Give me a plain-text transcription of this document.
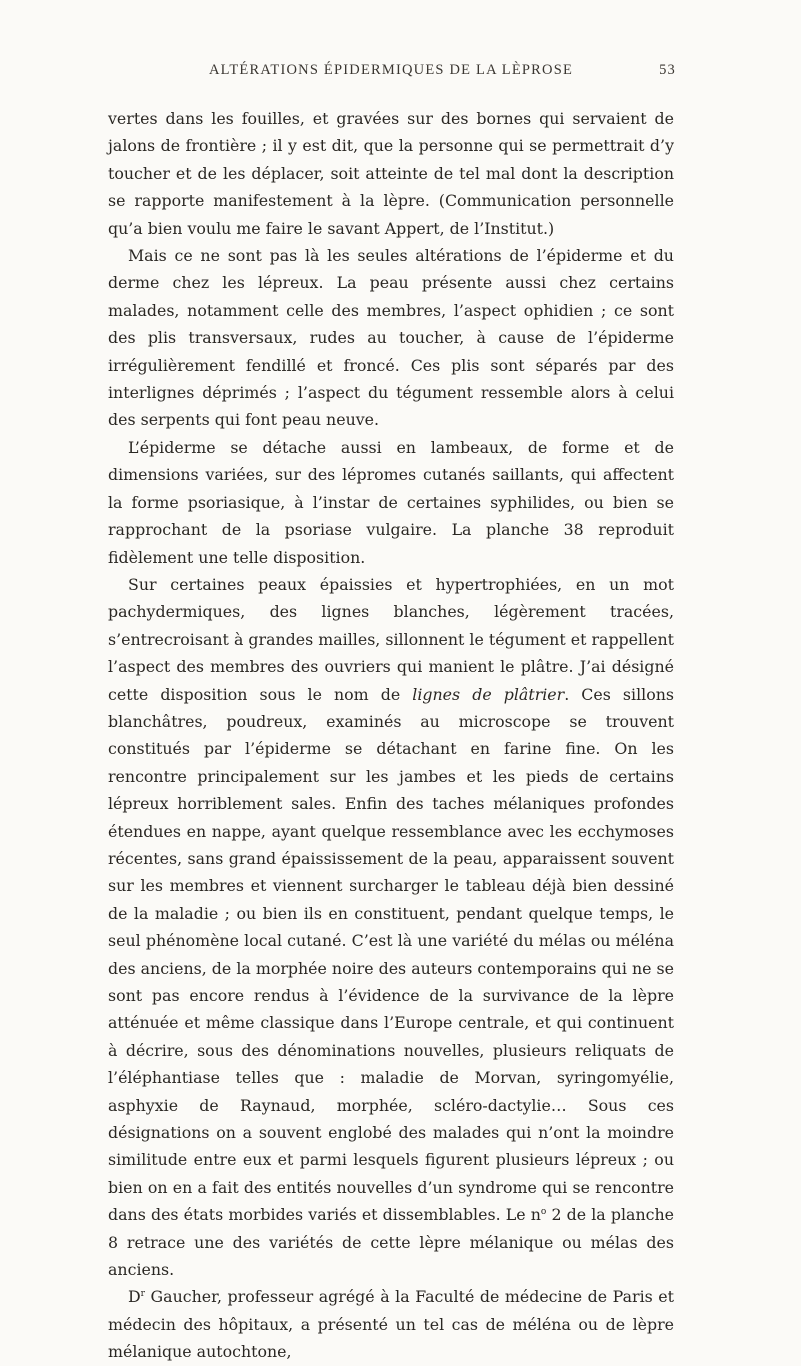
ALTÉRATIONS ÉPIDERMIQUES DE LA LÈPROSE	53

vertes dans les fouilles, et gravées sur des bornes qui servaient de jalons de frontière ; il y est dit, que la personne qui se permettrait d’y toucher et de les déplacer, soit atteinte de tel mal dont la description se rapporte manifestement à la lèpre. (Communication personnelle qu’a bien voulu me faire le savant Appert, de l’Institut.)

Mais ce ne sont pas là les seules altérations de l’épiderme et du derme chez les lépreux. La peau présente aussi chez certains malades, notamment celle des membres, l’aspect ophidien ; ce sont des plis transversaux, rudes au toucher, à cause de l’épiderme irrégulièrement fendillé et froncé. Ces plis sont séparés par des interlignes déprimés ; l’aspect du tégument ressemble alors à celui des serpents qui font peau neuve.

L’épiderme se détache aussi en lambeaux, de forme et de dimensions variées, sur des lépromes cutanés saillants, qui affectent la forme psoriasique, à l’instar de certaines syphilides, ou bien se rapprochant de la psoriase vulgaire. La planche 38 reproduit fidèlement une telle disposition.

Sur certaines peaux épaissies et hypertrophiées, en un mot pachydermiques, des lignes blanches, légèrement tracées, s’entrecroisant à grandes mailles, sillonnent le tégument et rappellent l’aspect des membres des ouvriers qui manient le plâtre. J’ai désigné cette disposition sous le nom de lignes de plâtrier. Ces sillons blanchâtres, poudreux, examinés au microscope se trouvent constitués par l’épiderme se détachant en farine fine. On les rencontre principalement sur les jambes et les pieds de certains lépreux horriblement sales. Enfin des taches mélaniques profondes étendues en nappe, ayant quelque ressemblance avec les ecchymoses récentes, sans grand épaississement de la peau, apparaissent souvent sur les membres et viennent surcharger le tableau déjà bien dessiné de la maladie ; ou bien ils en constituent, pendant quelque temps, le seul phénomène local cutané. C’est là une variété du mélas ou méléna des anciens, de la morphée noire des auteurs contemporains qui ne se sont pas encore rendus à l’évidence de la survivance de la lèpre atténuée et même classique dans l’Europe centrale, et qui continuent à décrire, sous des dénominations nouvelles, plusieurs reliquats de l’éléphantiase telles que : maladie de Morvan, syringomyélie, asphyxie de Raynaud, morphée, scléro-dactylie… Sous ces désignations on a souvent englobé des malades qui n’ont la moindre similitude entre eux et parmi lesquels figurent plusieurs lépreux ; ou bien on en a fait des entités nouvelles d’un syndrome qui se rencontre dans des états morbides variés et dissemblables. Le $n^o$ 2 de la planche 8 retrace une des variétés de cette lèpre mélanique ou mélas des anciens.

$D^r$ Gaucher, professeur agrégé à la Faculté de médecine de Paris et médecin des hôpitaux, a présenté un tel cas de méléna ou de lèpre mélanique autochtone,
